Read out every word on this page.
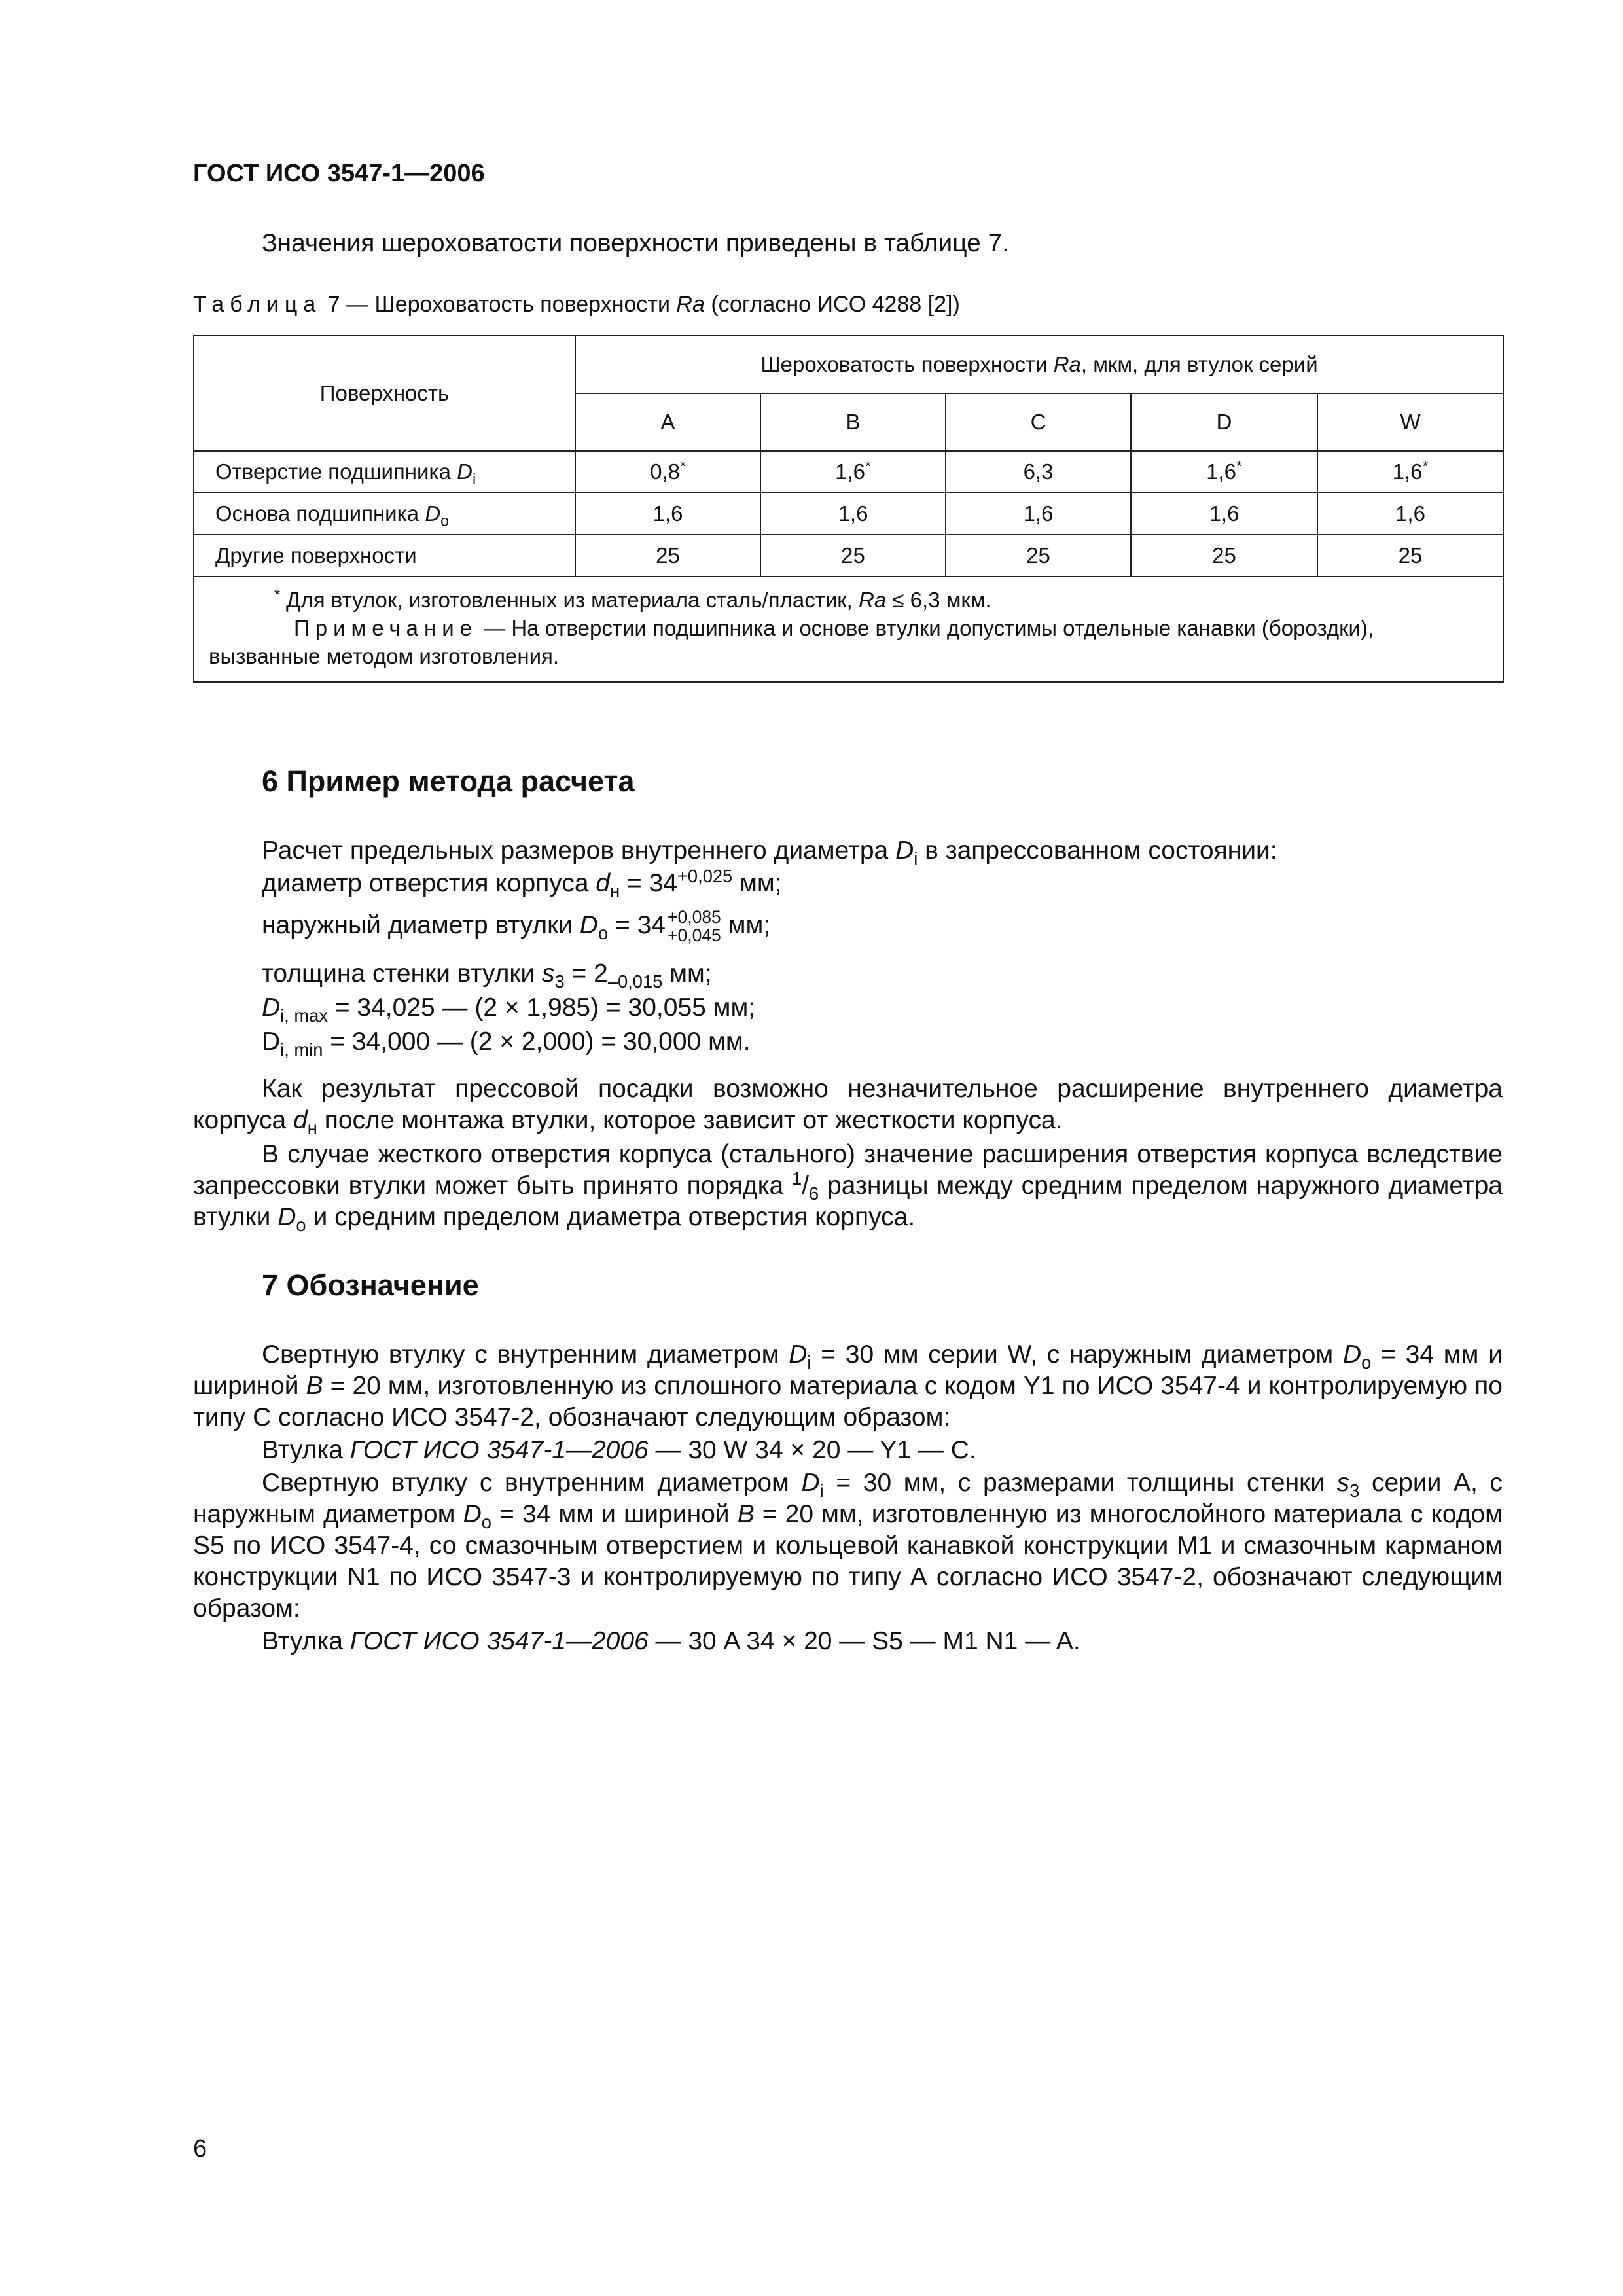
ГОСТ ИСО 3547-1—2006
Значения шероховатости поверхности приведены в таблице 7.
Таблица 7 — Шероховатость поверхности Ra (согласно ИСО 4288 [2])
Поверхность	Шероховатость поверхности Ra, мкм, для втулок серий				
	A	B	C	D	W
Отверстие подшипника $D_i$	0,8*	1,6*	6,3	1,6*	1,6*
Основа подшипника $D_o$	1,6	1,6	1,6	1,6	1,6
Другие поверхности	25	25	25	25	25

* Для втулок, изготовленных из материала сталь/пластик, Ra ≤ 6,3 мкм.
Примечание — На отверстии подшипника и основе втулки допустимы отдельные канавки (бороздки), вызванные методом изготовления.					
6 Пример метода расчета
Расчет предельных размеров внутреннего диаметра $D_i$ в запрессованном состоянии:
диаметр отверстия корпуса $d_н = 34^{+0,025}$ мм;
наружный диаметр втулки $D_o = 34 +0,085$
+0,045 мм;
толщина стенки втулки $s_3 = 2_{-0,015}$ мм;
$D_{i, max} = 34,025$ — (2 × 1,985) = 30,055 мм;
$D_{i, min} = 34,000$ — (2 × 2,000) = 30,000 мм.
Как результат прессовой посадки возможно незначительное расширение внутреннего диаметра корпуса $d_н$ после монтажа втулки, которое зависит от жесткости корпуса.
В случае жесткого отверстия корпуса (стального) значение расширения отверстия корпуса вследствие запрессовки втулки может быть принято порядка $^1/_6$ разницы между средним пределом наружного диаметра втулки $D_o$ и средним пределом диаметра отверстия корпуса.
7 Обозначение
Свертную втулку с внутренним диаметром $D_i = 30$ мм серии W, с наружным диаметром $D_o = 34$ мм и шириной B = 20 мм, изготовленную из сплошного материала с кодом Y1 по ИСО 3547-4 и контролируемую по типу С согласно ИСО 3547-2, обозначают следующим образом:
Втулка ГОСТ ИСО 3547-1—2006 — 30 W 34 × 20 — Y1 — C.
Свертную втулку с внутренним диаметром $D_i = 30$ мм, с размерами толщины стенки $s_3$ серии А, с наружным диаметром $D_o = 34$ мм и шириной B = 20 мм, изготовленную из многослойного материала с кодом S5 по ИСО 3547-4, со смазочным отверстием и кольцевой канавкой конструкции М1 и смазочным карманом конструкции N1 по ИСО 3547-3 и контролируемую по типу А согласно ИСО 3547-2, обозначают следующим образом:
Втулка ГОСТ ИСО 3547-1—2006 — 30 A 34 × 20 — S5 — M1 N1 — A.
6
